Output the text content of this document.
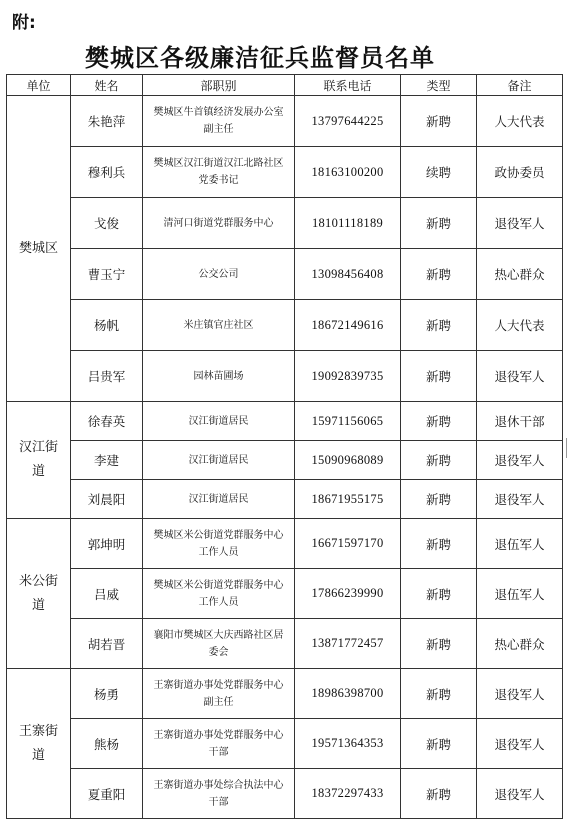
附:
樊城区各级廉洁征兵监督员名单
单位	姓名	部职别	联系电话	类型	备注
樊城区	朱艳萍	樊城区牛首镇经济发展办公室副主任	13797644225	新聘	人大代表
	穆利兵	樊城区汉江街道汉江北路社区党委书记	18163100200	续聘	政协委员
	戈俊	清河口街道党群服务中心	18101118189	新聘	退役军人
	曹玉宁	公交公司	13098456408	新聘	热心群众
	杨帆	米庄镇官庄社区	18672149616	新聘	人大代表
	吕贵军	园林苗圃场	19092839735	新聘	退役军人
汉江街道	徐春英	汉江街道居民	15971156065	新聘	退休干部
	李建	汉江街道居民	15090968089	新聘	退役军人
	刘晨阳	汉江街道居民	18671955175	新聘	退役军人
米公街道	郭坤明	樊城区米公街道党群服务中心工作人员	16671597170	新聘	退伍军人
	吕威	樊城区米公街道党群服务中心工作人员	17866239990	新聘	退伍军人
	胡若晋	襄阳市樊城区大庆西路社区居委会	13871772457	新聘	热心群众
王寨街道	杨勇	王寨街道办事处党群服务中心副主任	18986398700	新聘	退役军人
	熊杨	王寨街道办事处党群服务中心干部	19571364353	新聘	退役军人
	夏重阳	王寨街道办事处综合执法中心干部	18372297433	新聘	退役军人
